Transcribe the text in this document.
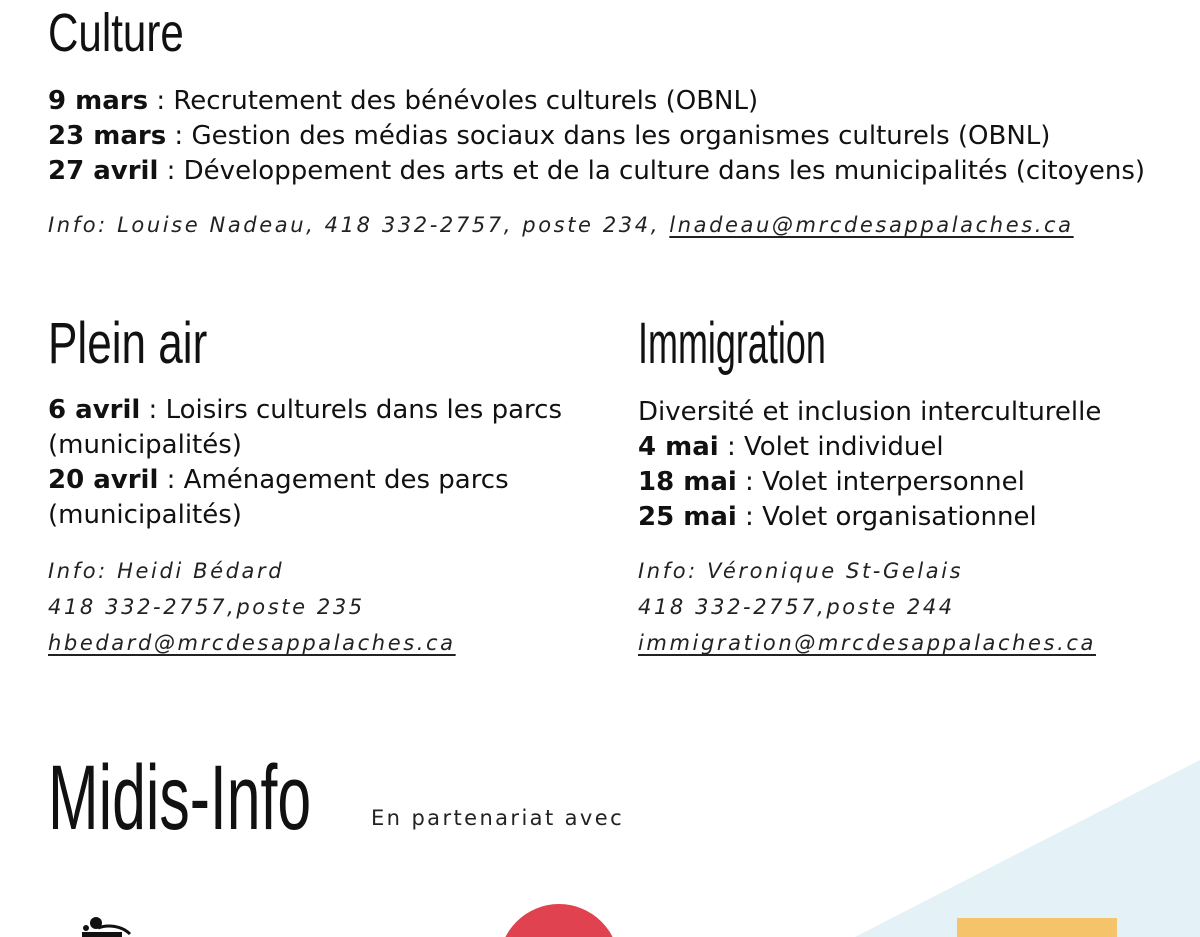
Culture
9 mars : Recrutement des bénévoles culturels (OBNL)
23 mars : Gestion des médias sociaux dans les organismes culturels (OBNL)
27 avril : Développement des arts et de la culture dans les municipalités (citoyens)
Info: Louise Nadeau, 418 332-2757, poste 234, lnadeau@mrcdesappalaches.ca
Plein air
6 avril : Loisirs culturels dans les parcs
(municipalités)
20 avril : Aménagement des parcs
(municipalités)
Info: Heidi Bédard
418 332-2757,poste 235
hbedard@mrcdesappalaches.ca
Immigration
Diversité et inclusion interculturelle
4 mai : Volet individuel
18 mai : Volet interpersonnel
25 mai : Volet organisationnel
Info: Véronique St-Gelais
418 332-2757,poste 244
immigration@mrcdesappalaches.ca
Midis-Info	En partenariat avec
